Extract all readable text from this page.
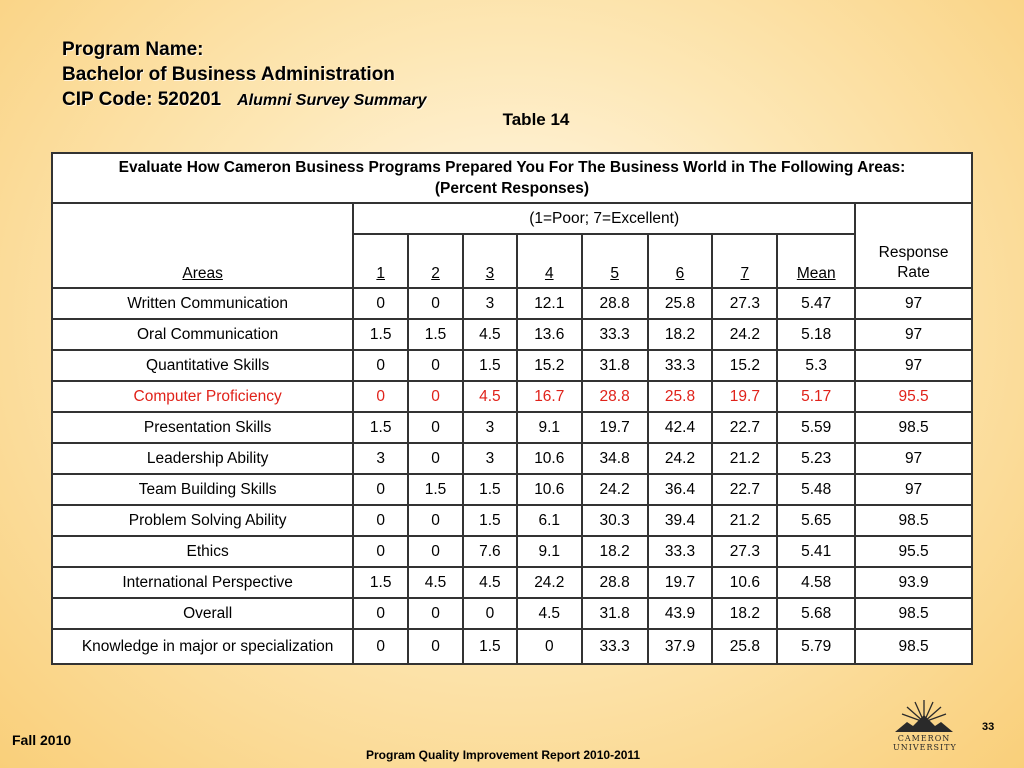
Program Name:
Bachelor of Business Administration
CIP Code: 520201 Alumni Survey Summary
Table 14
Evaluate How Cameron Business Programs Prepared You For The Business World in The Following Areas:
(Percent Responses)									

Areas	(1=Poor; 7=Excellent)								Response
Rate

	1	2	3	4	5	6	7	Mean	
Written Communication	0	0	3	12.1	28.8	25.8	27.3	5.47	97
Oral Communication	1.5	1.5	4.5	13.6	33.3	18.2	24.2	5.18	97
Quantitative Skills	0	0	1.5	15.2	31.8	33.3	15.2	5.3	97
Computer Proficiency	0	0	4.5	16.7	28.8	25.8	19.7	5.17	95.5
Presentation Skills	1.5	0	3	9.1	19.7	42.4	22.7	5.59	98.5
Leadership Ability	3	0	3	10.6	34.8	24.2	21.2	5.23	97
Team Building Skills	0	1.5	1.5	10.6	24.2	36.4	22.7	5.48	97
Problem Solving Ability	0	0	1.5	6.1	30.3	39.4	21.2	5.65	98.5
Ethics	0	0	7.6	9.1	18.2	33.3	27.3	5.41	95.5
International Perspective	1.5	4.5	4.5	24.2	28.8	19.7	10.6	4.58	93.9
Overall	0	0	0	4.5	31.8	43.9	18.2	5.68	98.5
Knowledge in major or specialization	0	0	1.5	0	33.3	37.9	25.8	5.79	98.5
CAMERON
UNIVERSITY
33
Fall 2010
Program Quality Improvement Report 2010-2011
